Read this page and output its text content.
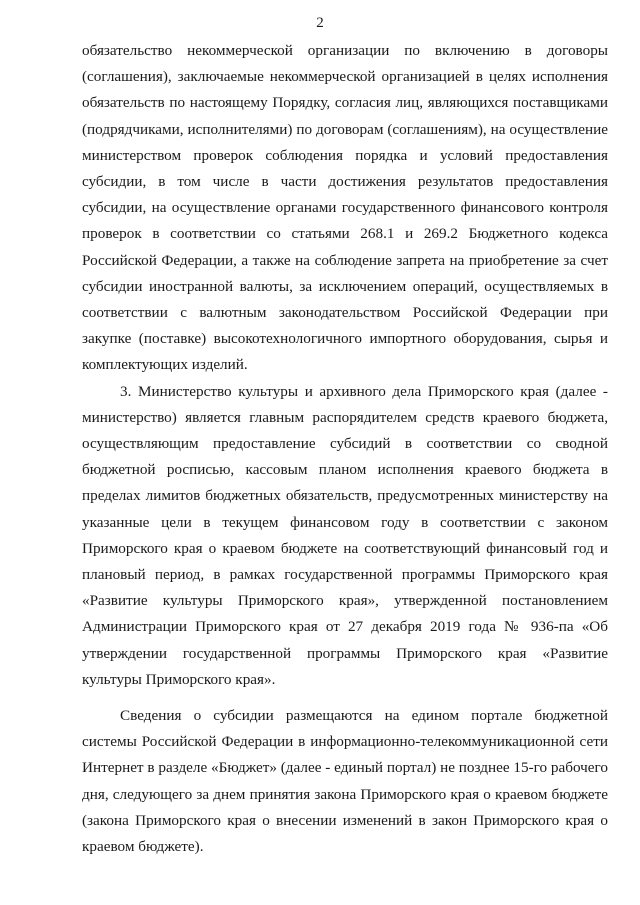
2

обязательство некоммерческой организации по включению в договоры (соглашения), заключаемые некоммерческой организацией в целях исполнения обязательств по настоящему Порядку, согласия лиц, являющихся поставщиками (подрядчиками, исполнителями) по договорам (соглашениям), на осуществление министерством проверок соблюдения порядка и условий предоставления субсидии, в том числе в части достижения результатов предоставления субсидии, на осуществление органами государственного финансового контроля проверок в соответствии со статьями 268.1 и 269.2 Бюджетного кодекса Российской Федерации, а также на соблюдение запрета на приобретение за счет субсидии иностранной валюты, за исключением операций, осуществляемых в соответствии с валютным законодательством Российской Федерации при закупке (поставке) высокотехнологичного импортного оборудования, сырья и комплектующих изделий.

3. Министерство культуры и архивного дела Приморского края (далее - министерство) является главным распорядителем средств краевого бюджета, осуществляющим предоставление субсидий в соответствии со сводной бюджетной росписью, кассовым планом исполнения краевого бюджета в пределах лимитов бюджетных обязательств, предусмотренных министерству на указанные цели в текущем финансовом году в соответствии с законом Приморского края о краевом бюджете на соответствующий финансовый год и плановый период, в рамках государственной программы Приморского края «Развитие культуры Приморского края», утвержденной постановлением Администрации Приморского края от 27 декабря 2019 года № 936-па «Об утверждении государственной программы Приморского края «Развитие культуры Приморского края».

Сведения о субсидии размещаются на едином портале бюджетной системы Российской Федерации в информационно-телекоммуникационной сети Интернет в разделе «Бюджет» (далее - единый портал) не позднее 15-го рабочего дня, следующего за днем принятия закона Приморского края о краевом бюджете (закона Приморского края о внесении изменений в закон Приморского края о краевом бюджете).
